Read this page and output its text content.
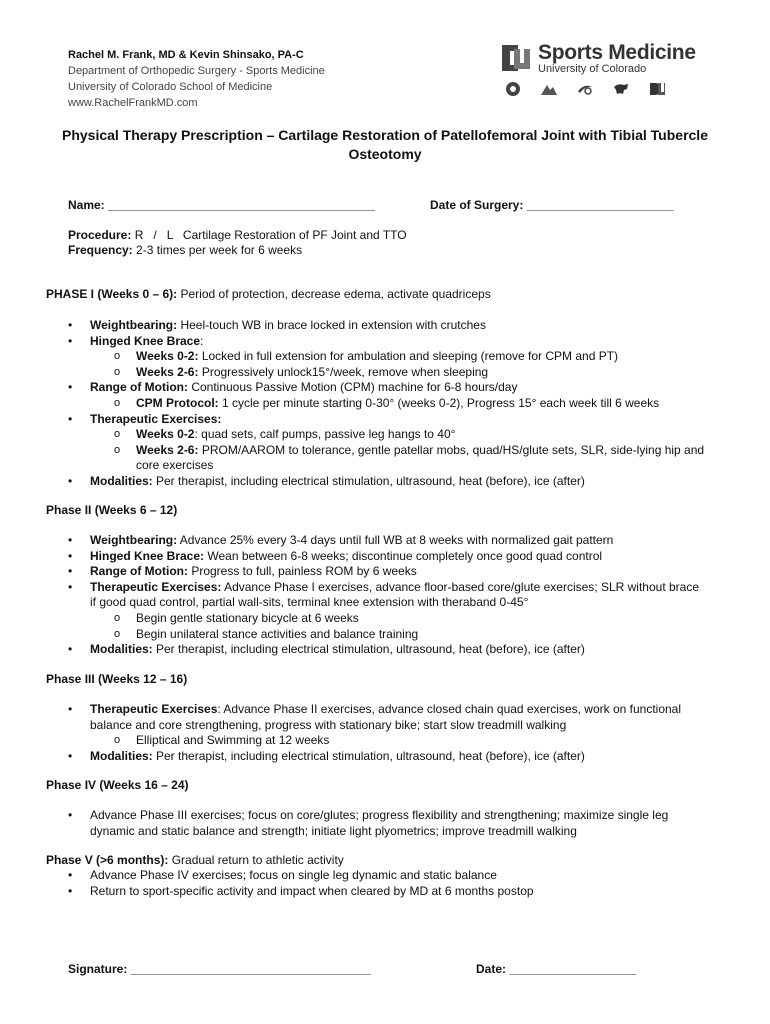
Rachel M. Frank, MD & Kevin Shinsako, PA-C
Department of Orthopedic Surgery - Sports Medicine
University of Colorado School of Medicine
www.RachelFrankMD.com
Sports Medicine
University of Colorado
Physical Therapy Prescription – Cartilage Restoration of Patellofemoral Joint with Tibial Tubercle Osteotomy
Name: ________________________________________	Date of Surgery: ______________________
Procedure: R   /   L   Cartilage Restoration of PF Joint and TTO
Frequency: 2-3 times per week for 6 weeks
PHASE I (Weeks 0 – 6): Period of protection, decrease edema, activate quadriceps
• Weightbearing: Heel-touch WB in brace locked in extension with crutches
• Hinged Knee Brace:
o Weeks 0-2: Locked in full extension for ambulation and sleeping (remove for CPM and PT)
o Weeks 2-6: Progressively unlock15°/week, remove when sleeping
• Range of Motion: Continuous Passive Motion (CPM) machine for 6-8 hours/day
o CPM Protocol: 1 cycle per minute starting 0-30° (weeks 0-2), Progress 15° each week till 6 weeks
• Therapeutic Exercises:
o Weeks 0-2: quad sets, calf pumps, passive leg hangs to 40°
o Weeks 2-6: PROM/AAROM to tolerance, gentle patellar mobs, quad/HS/glute sets, SLR, side-lying hip and core exercises
• Modalities: Per therapist, including electrical stimulation, ultrasound, heat (before), ice (after)
Phase II (Weeks 6 – 12)
• Weightbearing: Advance 25% every 3-4 days until full WB at 8 weeks with normalized gait pattern
• Hinged Knee Brace: Wean between 6-8 weeks; discontinue completely once good quad control
• Range of Motion: Progress to full, painless ROM by 6 weeks
• Therapeutic Exercises: Advance Phase I exercises, advance floor-based core/glute exercises; SLR without brace if good quad control, partial wall-sits, terminal knee extension with theraband 0-45°
o Begin gentle stationary bicycle at 6 weeks
o Begin unilateral stance activities and balance training
• Modalities: Per therapist, including electrical stimulation, ultrasound, heat (before), ice (after)
Phase III (Weeks 12 – 16)
• Therapeutic Exercises: Advance Phase II exercises, advance closed chain quad exercises, work on functional balance and core strengthening, progress with stationary bike; start slow treadmill walking
o Elliptical and Swimming at 12 weeks
• Modalities: Per therapist, including electrical stimulation, ultrasound, heat (before), ice (after)
Phase IV (Weeks 16 – 24)
• Advance Phase III exercises; focus on core/glutes; progress flexibility and strengthening; maximize single leg dynamic and static balance and strength; initiate light plyometrics; improve treadmill walking
Phase V (>6 months): Gradual return to athletic activity
• Advance Phase IV exercises; focus on single leg dynamic and static balance
• Return to sport-specific activity and impact when cleared by MD at 6 months postop
Signature: ____________________________________	Date: ___________________
